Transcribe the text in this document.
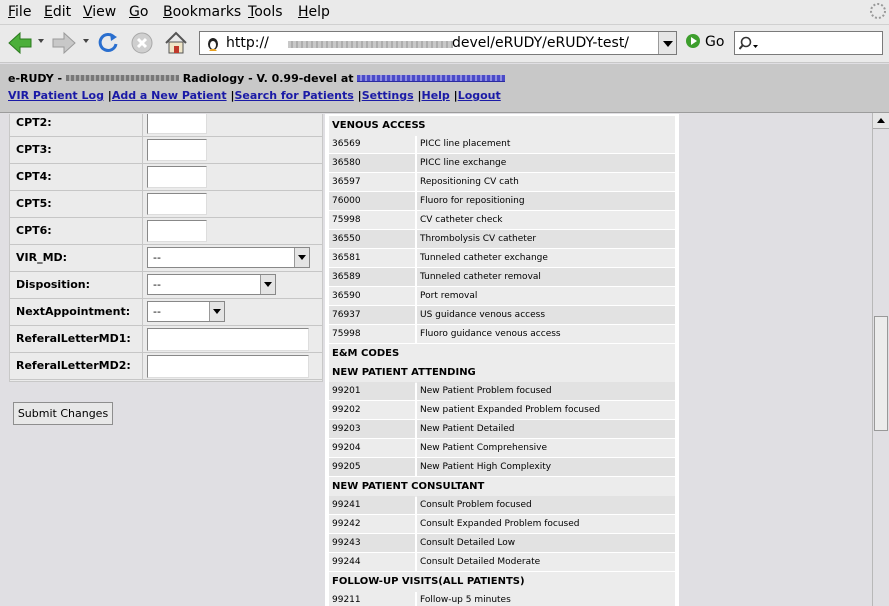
File Edit View Go Bookmarks Tools Help
http://	devel/eRUDY/eRUDY-test/	Go
e-RUDY -	Radiology - V. 0.99-devel at
VIR Patient Log |Add a New Patient |Search for Patients |Settings |Help |Logout
CPT2:
CPT3:
CPT4:
CPT5:
CPT6:
VIR_MD:	--
Disposition:	--
NextAppointment: --
ReferalLetterMD1:
ReferalLetterMD2:
Submit Changes
VENOUS ACCESS
36569	PICC line placement
36580	PICC line exchange
36597	Repositioning CV cath
76000	Fluoro for repositioning
75998	CV catheter check
36550	Thrombolysis CV catheter
36581	Tunneled catheter exchange
36589	Tunneled catheter removal
36590	Port removal
76937	US guidance venous access
75998	Fluoro guidance venous access
E&M CODES
NEW PATIENT ATTENDING
99201	New Patient Problem focused
99202	New patient Expanded Problem focused
99203	New Patient Detailed
99204	New Patient Comprehensive
99205	New Patient High Complexity
NEW PATIENT CONSULTANT
99241	Consult Problem focused
99242	Consult Expanded Problem focused
99243	Consult Detailed Low
99244	Consult Detailed Moderate
FOLLOW-UP VISITS(ALL PATIENTS)
99211	Follow-up 5 minutes
